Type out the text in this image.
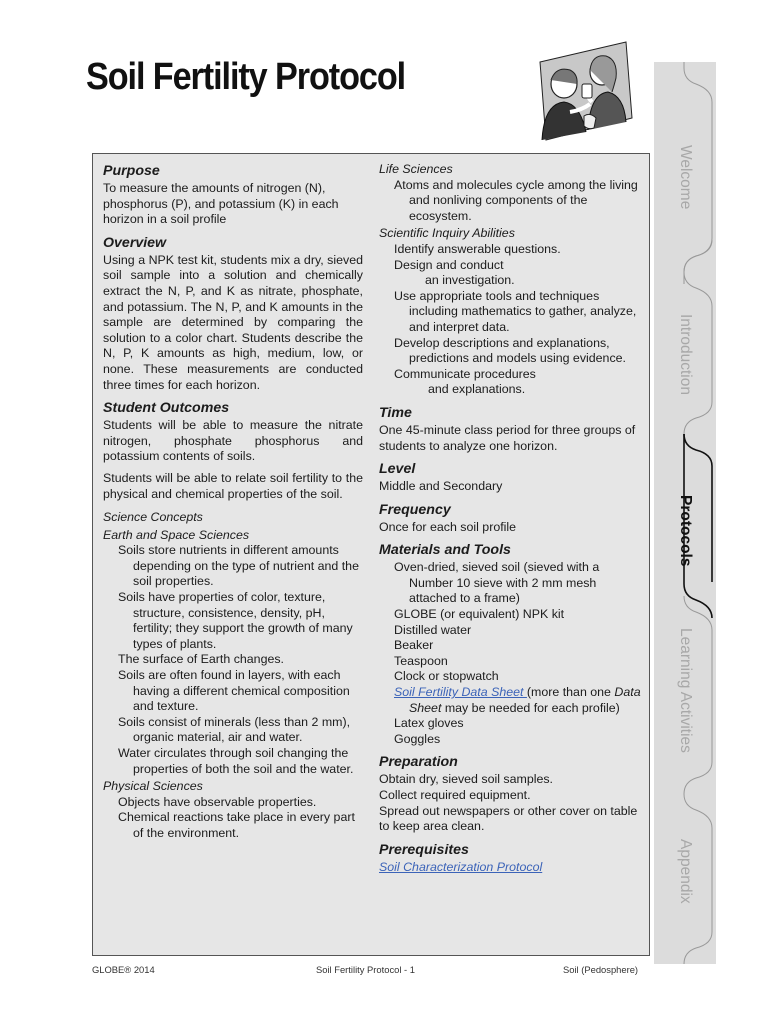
Soil Fertility Protocol
Purpose
To measure the amounts of nitrogen (N), phosphorus (P), and potassium (K) in each horizon in a soil profile
Overview
Using a NPK test kit, students mix a dry, sieved soil sample into a solution and chemically extract the N, P, and K as nitrate, phosphate, and potassium. The N, P, and K amounts in the sample are determined by comparing the solution to a color chart. Students describe the N, P, K amounts as high, medium, low, or none. These measurements are conducted three times for each horizon.
Student Outcomes
Students will be able to measure the nitrate nitrogen, phosphate phosphorus and potassium contents of soils.
Students will be able to relate soil fertility to the physical and chemical properties of the soil.
Science Concepts
Earth and Space Sciences
Soils store nutrients in different amounts depending on the type of nutrient and the soil properties.
Soils have properties of color, texture, structure, consistence, density, pH, fertility; they support the growth of many types of plants.
The surface of Earth changes.
Soils are often found in layers, with each having a different chemical composition and texture.
Soils consist of minerals (less than 2 mm), organic material, air and water.
Water circulates through soil changing the properties of both the soil and the water.
Physical Sciences
Objects have observable properties.
Chemical reactions take place in every part of the environment.
Life Sciences
Atoms and molecules cycle among the living and nonliving components of the ecosystem.
Scientific Inquiry Abilities
Identify answerable questions.
Design and conduct
an investigation.
Use appropriate tools and techniques including mathematics to gather, analyze, and interpret data.
Develop descriptions and explanations, predictions and models using evidence.
Communicate procedures
and explanations.
Time
One 45-minute class period for three groups of students to analyze one horizon.
Level
Middle and Secondary
Frequency
Once for each soil profile
Materials and Tools
Oven-dried, sieved soil (sieved with a Number 10 sieve with 2 mm mesh attached to a frame)
GLOBE (or equivalent) NPK kit
Distilled water
Beaker
Teaspoon
Clock or stopwatch
Soil Fertility Data Sheet (more than one Data Sheet may be needed for each profile)
Latex gloves
Goggles
Preparation
Obtain dry, sieved soil samples.
Collect required equipment.
Spread out newspapers or other cover on table to keep area clean.
Prerequisites
Soil Characterization Protocol
Welcome
Introduction
Protocols
Learning Activities
Appendix
GLOBE® 2014	Soil Fertility Protocol - 1	Soil (Pedosphere)
